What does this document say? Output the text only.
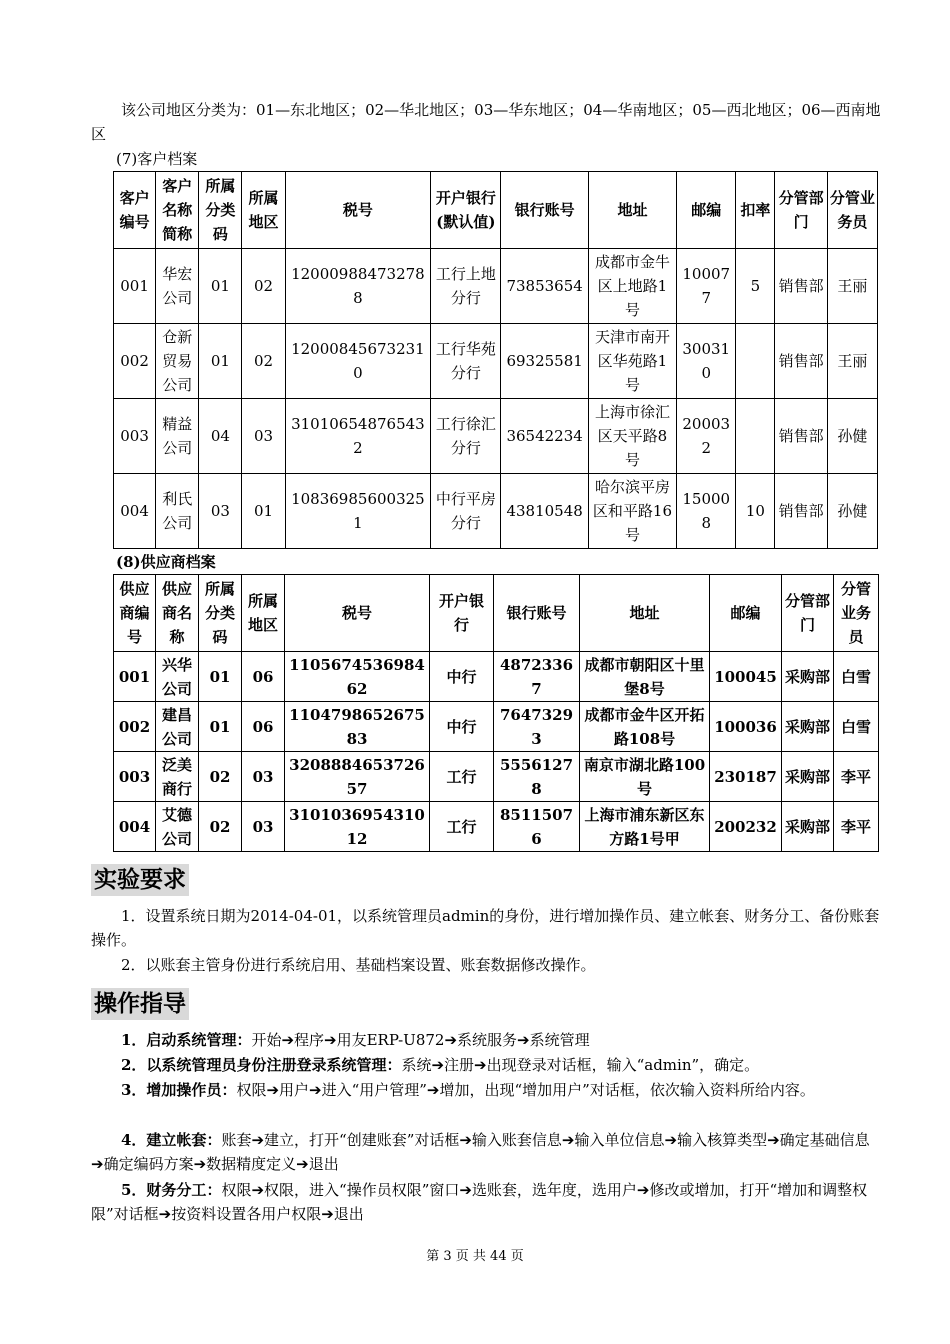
该公司地区分类为：01—东北地区；02—华北地区；03—华东地区；04—华南地区；05—西北地区；06—西南地区

(7)客户档案
客户编号	客户名称简称	所属分类码	所属地区	税号	开户银行(默认值)	银行账号	地址	邮编	扣率	分管部门	分管业务员
001	华宏公司	01	02	120009884732788	工行上地分行	73853654	成都市金牛区上地路1号	100077	5	销售部	王丽
002	仓新贸易公司	01	02	120008456732310	工行华苑分行	69325581	天津市南开区华苑路1号	300310		销售部	王丽
003	精益公司	04	03	310106548765432	工行徐汇分行	36542234	上海市徐汇区天平路8号	200032		销售部	孙健
004	利氏公司	03	01	108369856003251	中行平房分行	43810548	哈尔滨平房区和平路16号	150008	10	销售部	孙健
(8)供应商档案
供应商编号	供应商名称	所属分类码	所属地区	税号	开户银行	银行账号	地址	邮编	分管部门	分管业务员
001	兴华公司	01	06	110567453698462	中行	48723367	成都市朝阳区十里堡8号	100045	采购部	白雪
002	建昌公司	01	06	110479865267583	中行	76473293	成都市金牛区开拓路108号	100036	采购部	白雪
003	泛美商行	02	03	320888465372657	工行	55561278	南京市湖北路100号	230187	采购部	李平
004	艾德公司	02	03	310103695431012	工行	85115076	上海市浦东新区东方路1号甲	200232	采购部	李平
实验要求

1．设置系统日期为2014-04-01，以系统管理员admin的身份，进行增加操作员、建立帐套、财务分工、备份账套操作。

2．以账套主管身份进行系统启用、基础档案设置、账套数据修改操作。

操作指导

1．启动系统管理：开始➔程序➔用友ERP-U872➔系统服务➔系统管理

2．以系统管理员身份注册登录系统管理：系统➔注册➔出现登录对话框，输入“admin”，确定。

3．增加操作员：权限➔用户➔进入“用户管理”➔增加，出现“增加用户”对话框，依次输入资料所给内容。

4．建立帐套：账套➔建立，打开“创建账套”对话框➔输入账套信息➔输入单位信息➔输入核算类型➔确定基础信息➔确定编码方案➔数据精度定义➔退出

5．财务分工：权限➔权限，进入“操作员权限”窗口➔选账套，选年度，选用户➔修改或增加，打开“增加和调整权限”对话框➔按资料设置各用户权限➔退出

第 3 页 共 44 页
